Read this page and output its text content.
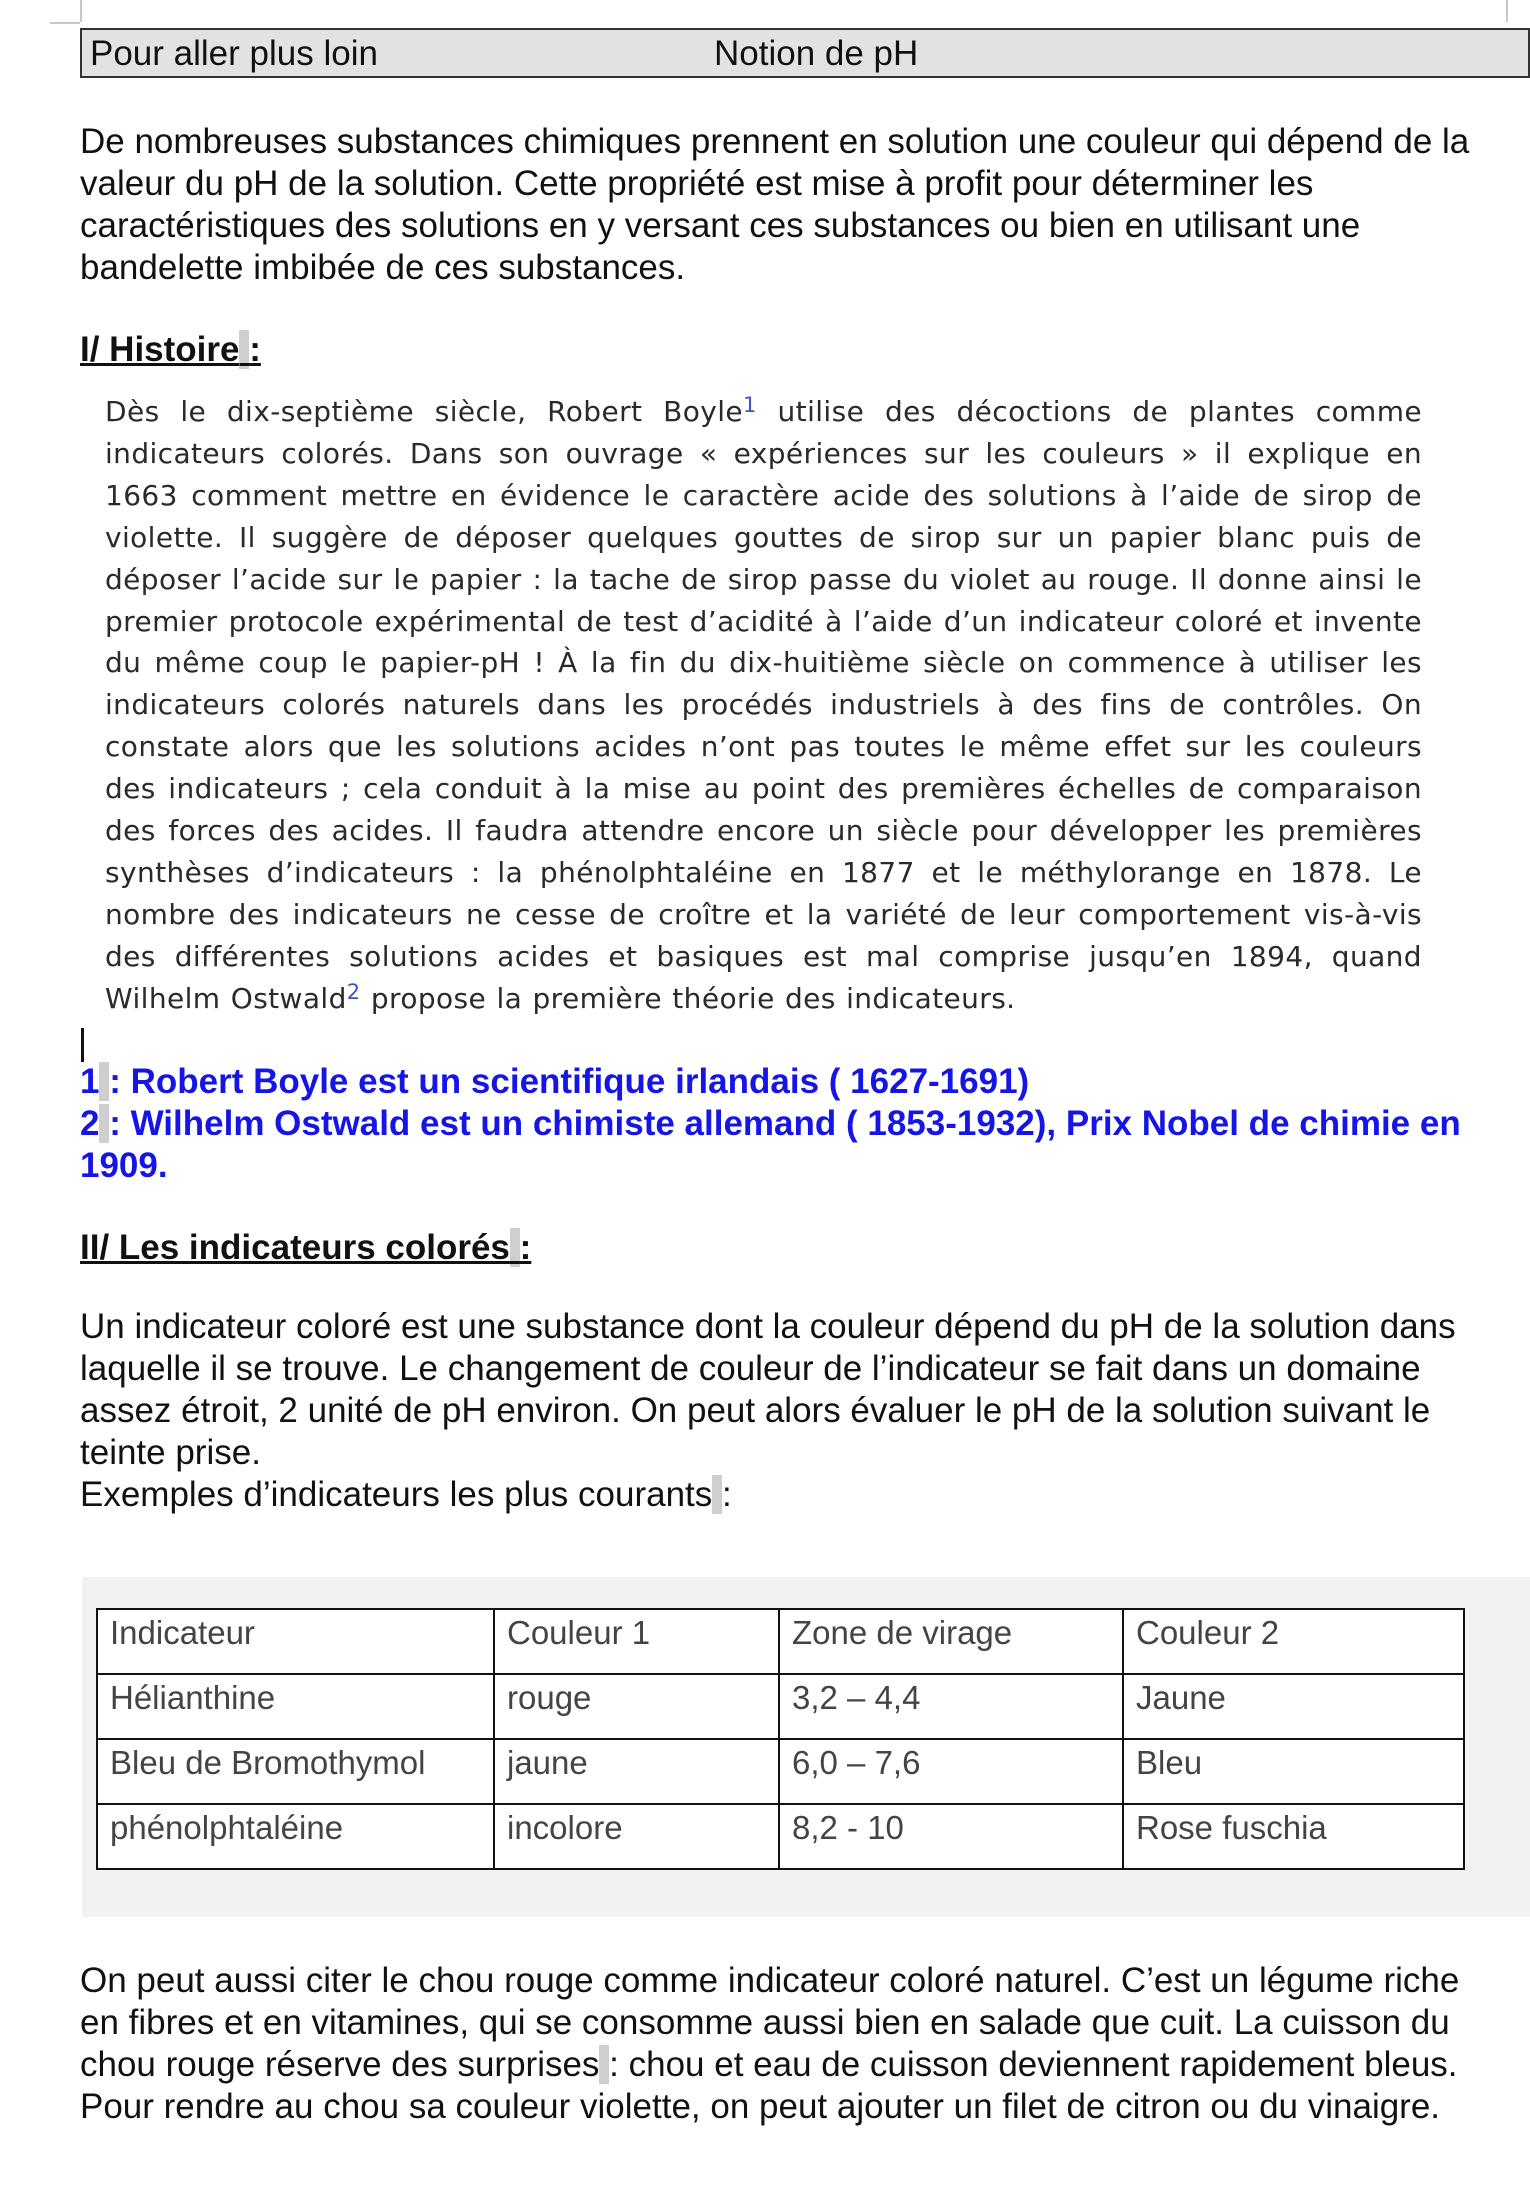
Pour aller plus loin	Notion de pH
De nombreuses substances chimiques prennent en solution une couleur qui dépend de la
valeur du pH de la solution. Cette propriété est mise à profit pour déterminer les
caractéristiques des solutions en y versant ces substances ou bien en utilisant une
bandelette imbibée de ces substances.
I/ Histoire :
Dès le dix-septième siècle, Robert Boyle$^1$ utilise des décoctions de plantes comme indicateurs colorés. Dans son ouvrage « expériences sur les couleurs » il explique en 1663 comment mettre en évidence le caractère acide des solutions à l’aide de sirop de violette. Il suggère de déposer quelques gouttes de sirop sur un papier blanc puis de déposer l’acide sur le papier : la tache de sirop passe du violet au rouge. Il donne ainsi le premier protocole expérimental de test d’acidité à l’aide d’un indicateur coloré et invente du même coup le papier-pH ! À la fin du dix-huitième siècle on commence à utiliser les indicateurs colorés naturels dans les procédés industriels à des fins de contrôles. On constate alors que les solutions acides n’ont pas toutes le même effet sur les couleurs des indicateurs ; cela conduit à la mise au point des premières échelles de comparaison des forces des acides. Il faudra attendre encore un siècle pour développer les premières synthèses d’indicateurs : la phénolphtaléine en 1877 et le méthylorange en 1878. Le nombre des indicateurs ne cesse de croître et la variété de leur comportement vis-à-vis des différentes solutions acides et basiques est mal comprise jusqu’en 1894, quand Wilhelm Ostwald$^2$ propose la première théorie des indicateurs.
1 : Robert Boyle est un scientifique irlandais ( 1627-1691)
2 : Wilhelm Ostwald est un chimiste allemand ( 1853-1932), Prix Nobel de chimie en
1909.
II/ Les indicateurs colorés :
Un indicateur coloré est une substance dont la couleur dépend du pH de la solution dans
laquelle il se trouve. Le changement de couleur de l’indicateur se fait dans un domaine
assez étroit, 2 unité de pH environ. On peut alors évaluer le pH de la solution suivant le
teinte prise.
Exemples d’indicateurs les plus courants :
Indicateur	Couleur 1	Zone de virage	Couleur 2
Hélianthine	rouge	3,2 – 4,4	Jaune
Bleu de Bromothymol	jaune	6,0 – 7,6	Bleu
phénolphtaléine	incolore	8,2 - 10	Rose fuschia
On peut aussi citer le chou rouge comme indicateur coloré naturel. C’est un légume riche
en fibres et en vitamines, qui se consomme aussi bien en salade que cuit. La cuisson du
chou rouge réserve des surprises : chou et eau de cuisson deviennent rapidement bleus.
Pour rendre au chou sa couleur violette, on peut ajouter un filet de citron ou du vinaigre.
